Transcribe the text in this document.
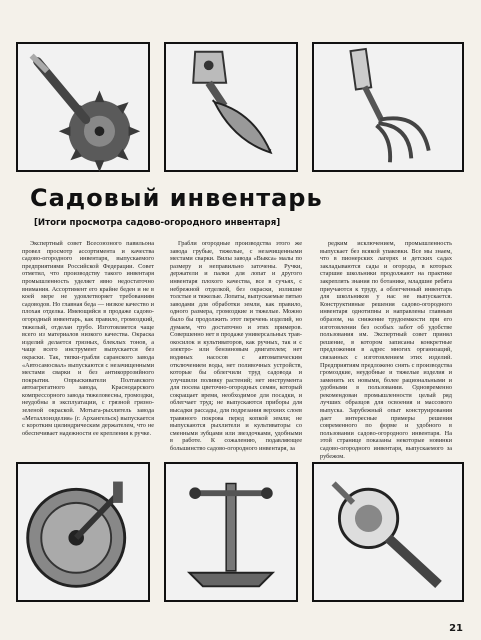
Садовый инвентарь

[Итоги просмотра садово-огородного инвентаря]

Экспертный совет Всесоюзного павильона провел просмотр ассортимента и качества садово-огородного инвентаря, выпускаемого предприятиями Российской Федерации. Совет отметил, что производству такого инвентаря промышленность уделяет явно недостаточно внимания. Ассортимент его крайне беден и не в коей мере не удовлетворяет требованиям садоводов. Но главная беда — низкое качество и плохая отделка. Имеющийся в продаже садово-огородный инвентарь, как правило, громоздкий, тяжелый, отделан грубо. Изготовляется чаще всего из материалов низкого качества. Окраска изделий делается грязных, блеклых тонов, а чаще всего инструмент выпускается без окраски. Так, тяпки-грабли саранского завода «Автосамосвал» выпускаются с незачищенными местами сварки и без антикоррозийного покрытия. Опрыскиватели Полтавского автоагрегатного завода, Краснодарского компрессорного завода тяжеловесны, громоздки, неудобны в эксплуатации, с грязной грязно-зеленой окраской. Мотыга-рыхлитель завода «Металлоизделия» (г. Архангельск) выпускается с коротким цилиндрическим держателем, что не обеспечивает надежности ее крепления к ручке.

Грабли огородные производства этого же завода грубые, тяжелые, с незачищенными местами сварки. Вилы завода «Выкса» малы по размеру и неправильно заточены. Ручки, держатели и палки для лопат и другого инвентаря плохого качества, все в сучьях, с небрежной отделкой, без окраски, излишне толстые и тяжелые. Лопаты, выпускаемые пятью заводами для обработки земли, как правило, одного размера, громоздкие и тяжелые. Можно было бы продолжить этот перечень изделий, но думаем, что достаточно и этих примеров. Совершенно нет в продаже универсальных травокосилок и культиваторов, как ручных, так и с электро- или бензиновым двигателем; нет водяных насосов с автоматическим отключением воды, нет поливочных устройств, которые бы облегчили труд садовода и улучшили поливку растений; нет инструмента для посева цветочно-огородных семян, который сокращает время, необходимое для посадки, и облегчает труд; не выпускаются приборы для высадки рассады, для подрезания верхних слоев травяного покрова перед копкой земли; не выпускаются рыхлители и культиваторы со сменными зубцами или звездочками, удобными в работе. К сожалению, подавляющее большинство садово-огородного инвентаря, за

редким исключением, промышленность выпускает без всякой упаковки. Все мы знаем, что в пионерских лагерях и детских садах закладываются сады и огороды, в которых старшие школьники продолжают на практике закреплять знания по ботанике, младшие ребята приучаются к труду, а облегченный инвентарь для школьников у нас не выпускается. Конструктивные решения садово-огородного инвентаря однотипны и направлены главным образом, на снижение трудоемкости при его изготовлении без особых забот об удобстве пользования им. Экспертный совет принял решение, в котором записаны конкретные предложения в адрес многих организаций, связанных с изготовлением этих изделий. Предприятиям предложено снять с производства громоздкие, неудобные и тяжелые изделия и заменить их новыми, более рациональными и удобными в пользовании. Одновременно рекомендован промышленности целый ряд лучших образцов для освоения и массового выпуска. Зарубежный опыт конструирования дает интересные примеры решения современного по форме и удобного в пользовании садово-огородного инвентаря. На этой странице показаны некоторые новинки садово-огородного инвентаря, выпускаемого за рубежом.

21
